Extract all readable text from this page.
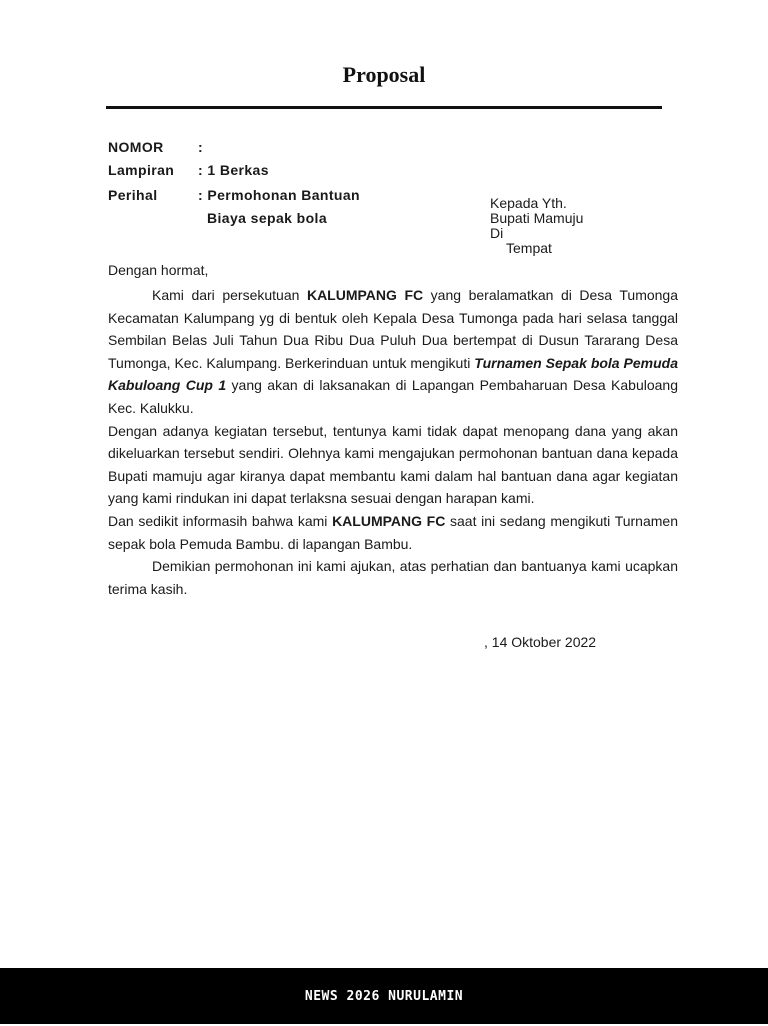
Proposal
NOMOR :
Lampiran : 1 Berkas
Perihal	: Permohonan Bantuan
Biaya sepak bola
Kepada Yth.
Bupati Mamuju
Di
Tempat
Dengan hormat,

Kami dari persekutuan KALUMPANG FC yang beralamatkan di Desa Tumonga Kecamatan Kalumpang yg di bentuk oleh Kepala Desa Tumonga pada hari selasa tanggal Sembilan Belas Juli Tahun Dua Ribu Dua Puluh Dua bertempat di Dusun Tararang Desa Tumonga, Kec. Kalumpang. Berkerinduan untuk mengikuti Turnamen Sepak bola Pemuda Kabuloang Cup 1 yang akan di laksanakan di Lapangan Pembaharuan Desa Kabuloang Kec. Kalukku.

Dengan adanya kegiatan tersebut, tentunya kami tidak dapat menopang dana yang akan dikeluarkan tersebut sendiri. Olehnya kami mengajukan permohonan bantuan dana kepada Bupati mamuju agar kiranya dapat membantu kami dalam hal bantuan dana agar kegiatan yang kami rindukan ini dapat terlaksna sesuai dengan harapan kami.

Dan sedikit informasih bahwa kami KALUMPANG FC saat ini sedang mengikuti Turnamen sepak bola Pemuda Bambu. di lapangan Bambu.

Demikian permohonan ini kami ajukan, atas perhatian dan bantuanya kami ucapkan terima kasih.

, 14 Oktober 2022
NEWS 2026 NURULAMIN
